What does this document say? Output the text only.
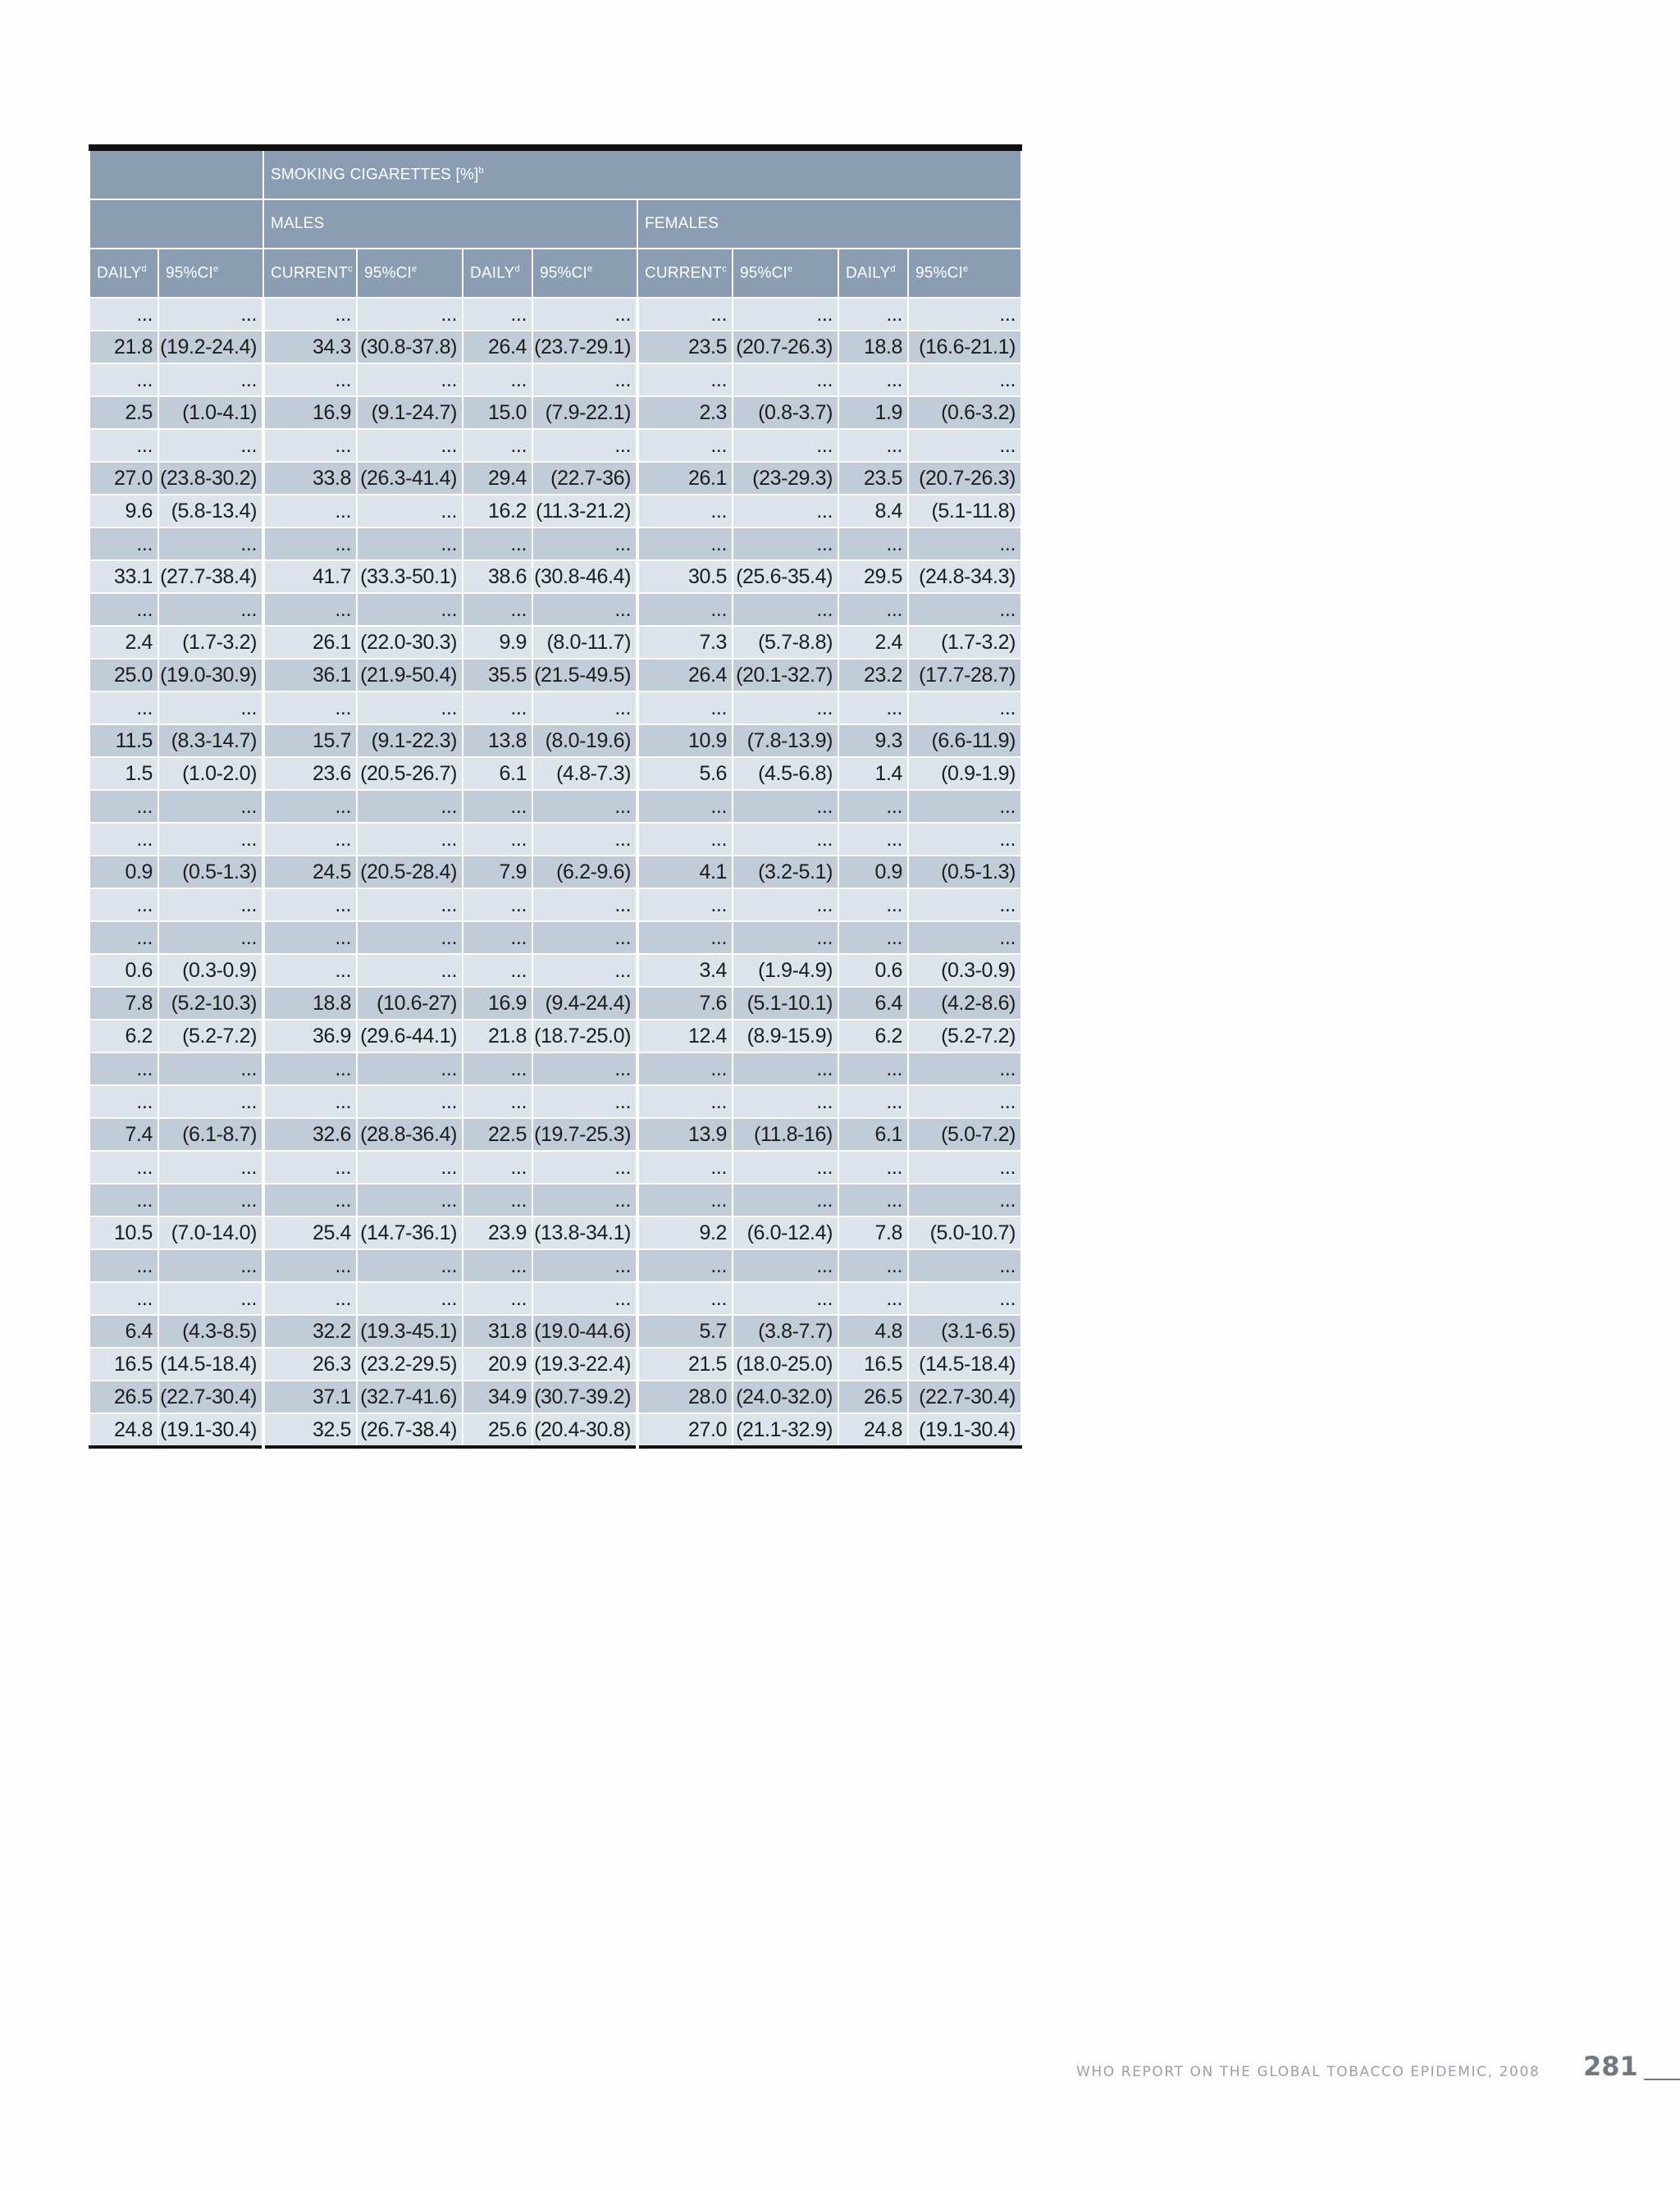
		SMOKING CIGARETTES [%]$^b$
		MALES				FEMALES			
DAILY$^d$	95%CIe	CURRENT$^c$	95%CIe	DAILY$^d$	95%CIe	CURRENT$^c$	95%CIe	DAILY$^d$	95%CIe
...	...	...	...	...	...	...	...	...	...
21.8	(19.2-24.4)	34.3	(30.8-37.8)	26.4	(23.7-29.1)	23.5	(20.7-26.3)	18.8	(16.6-21.1)
...	...	...	...	...	...	...	...	...	...
2.5	(1.0-4.1)	16.9	(9.1-24.7)	15.0	(7.9-22.1)	2.3	(0.8-3.7)	1.9	(0.6-3.2)
...	...	...	...	...	...	...	...	...	...
27.0	(23.8-30.2)	33.8	(26.3-41.4)	29.4	(22.7-36)	26.1	(23-29.3)	23.5	(20.7-26.3)
9.6	(5.8-13.4)	...	...	16.2	(11.3-21.2)	...	...	8.4	(5.1-11.8)
...	...	...	...	...	...	...	...	...	...
33.1	(27.7-38.4)	41.7	(33.3-50.1)	38.6	(30.8-46.4)	30.5	(25.6-35.4)	29.5	(24.8-34.3)
...	...	...	...	...	...	...	...	...	...
2.4	(1.7-3.2)	26.1	(22.0-30.3)	9.9	(8.0-11.7)	7.3	(5.7-8.8)	2.4	(1.7-3.2)
25.0	(19.0-30.9)	36.1	(21.9-50.4)	35.5	(21.5-49.5)	26.4	(20.1-32.7)	23.2	(17.7-28.7)
...	...	...	...	...	...	...	...	...	...
11.5	(8.3-14.7)	15.7	(9.1-22.3)	13.8	(8.0-19.6)	10.9	(7.8-13.9)	9.3	(6.6-11.9)
1.5	(1.0-2.0)	23.6	(20.5-26.7)	6.1	(4.8-7.3)	5.6	(4.5-6.8)	1.4	(0.9-1.9)
...	...	...	...	...	...	...	...	...	...
...	...	...	...	...	...	...	...	...	...
0.9	(0.5-1.3)	24.5	(20.5-28.4)	7.9	(6.2-9.6)	4.1	(3.2-5.1)	0.9	(0.5-1.3)
...	...	...	...	...	...	...	...	...	...
...	...	...	...	...	...	...	...	...	...
0.6	(0.3-0.9)	...	...	...	...	3.4	(1.9-4.9)	0.6	(0.3-0.9)
7.8	(5.2-10.3)	18.8	(10.6-27)	16.9	(9.4-24.4)	7.6	(5.1-10.1)	6.4	(4.2-8.6)
6.2	(5.2-7.2)	36.9	(29.6-44.1)	21.8	(18.7-25.0)	12.4	(8.9-15.9)	6.2	(5.2-7.2)
...	...	...	...	...	...	...	...	...	...
...	...	...	...	...	...	...	...	...	...
7.4	(6.1-8.7)	32.6	(28.8-36.4)	22.5	(19.7-25.3)	13.9	(11.8-16)	6.1	(5.0-7.2)
...	...	...	...	...	...	...	...	...	...
...	...	...	...	...	...	...	...	...	...
10.5	(7.0-14.0)	25.4	(14.7-36.1)	23.9	(13.8-34.1)	9.2	(6.0-12.4)	7.8	(5.0-10.7)
...	...	...	...	...	...	...	...	...	...
...	...	...	...	...	...	...	...	...	...
6.4	(4.3-8.5)	32.2	(19.3-45.1)	31.8	(19.0-44.6)	5.7	(3.8-7.7)	4.8	(3.1-6.5)
16.5	(14.5-18.4)	26.3	(23.2-29.5)	20.9	(19.3-22.4)	21.5	(18.0-25.0)	16.5	(14.5-18.4)
26.5	(22.7-30.4)	37.1	(32.7-41.6)	34.9	(30.7-39.2)	28.0	(24.0-32.0)	26.5	(22.7-30.4)
24.8	(19.1-30.4)	32.5	(26.7-38.4)	25.6	(20.4-30.8)	27.0	(21.1-32.9)	24.8	(19.1-30.4)
WHO REPORT ON THE GLOBAL TOBACCO EPIDEMIC, 2008 281
